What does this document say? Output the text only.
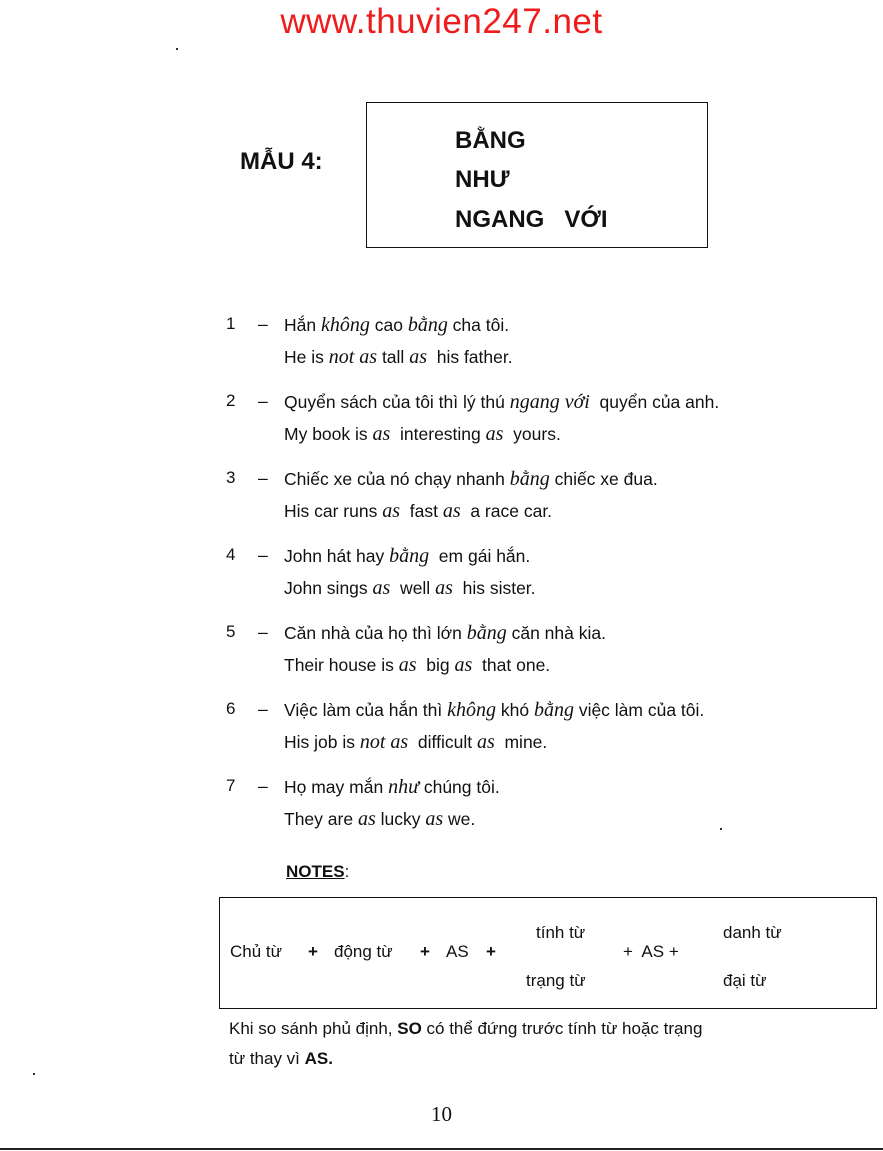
www.thuvien247.net
MẪU 4:
BẰNG
NHƯ
NGANG   VỚI
1 – Hắn không cao bằng cha tôi.
He is not as tall as  his father.
2 – Quyển sách của tôi thì lý thú ngang với  quyển của anh.
My book is as  interesting as  yours.
3 – Chiếc xe của nó chạy nhanh bằng chiếc xe đua.
His car runs as  fast as  a race car.
4 – John hát hay bằng  em gái hắn.
John sings as  well as  his sister.
5 – Căn nhà của họ thì lớn bằng căn nhà kia.
Their house is as  big as  that one.
6 – Việc làm của hắn thì không khó bằng việc làm của tôi.
His job is not as  difficult as  mine.
7 – Họ may mắn như chúng tôi.
They are as lucky as we.
NOTES:
Chủ từ + động từ + AS +
tính từ
trạng từ
+  AS +
danh từ
đại từ
Khi so sánh phủ định, SO có thể đứng trước tính từ hoặc trạng
từ thay vì AS.
10
